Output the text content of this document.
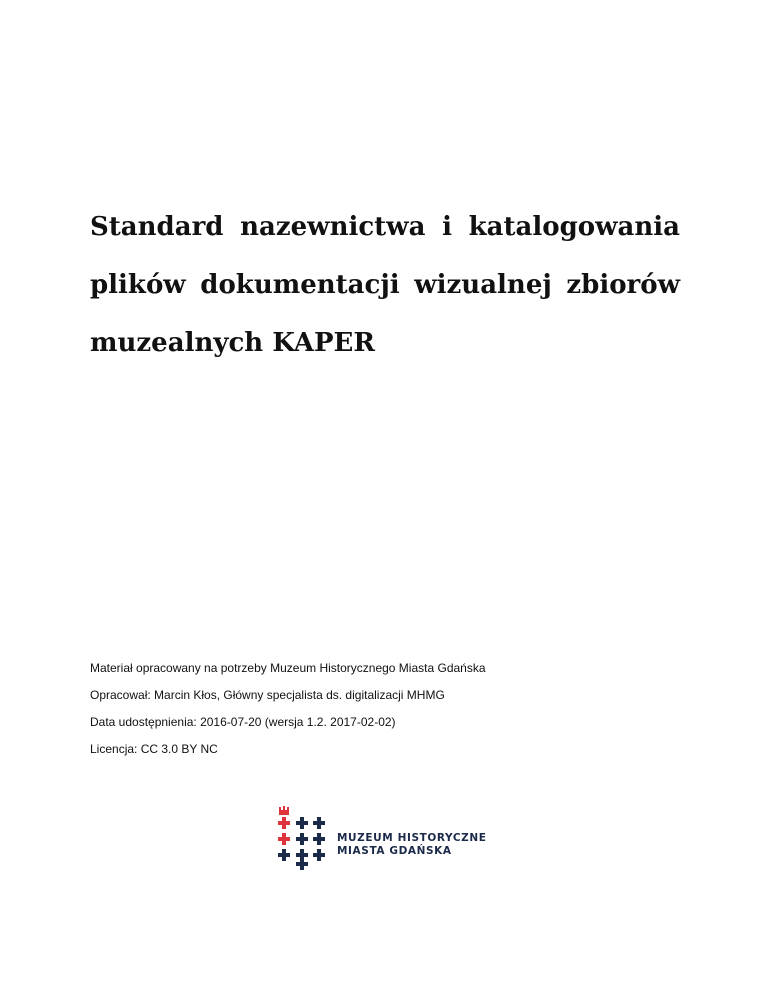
Standard nazewnictwa i katalogowania
plików dokumentacji wizualnej zbiorów
muzealnych KAPER
Materiał opracowany na potrzeby Muzeum Historycznego Miasta Gdańska
Opracował: Marcin Kłos, Główny specjalista ds. digitalizacji MHMG
Data udostępnienia: 2016-07-20 (wersja 1.2. 2017-02-02)
Licencja: CC 3.0 BY NC
MUZEUM HISTORYCZNE
MIASTA GDAŃSKA
